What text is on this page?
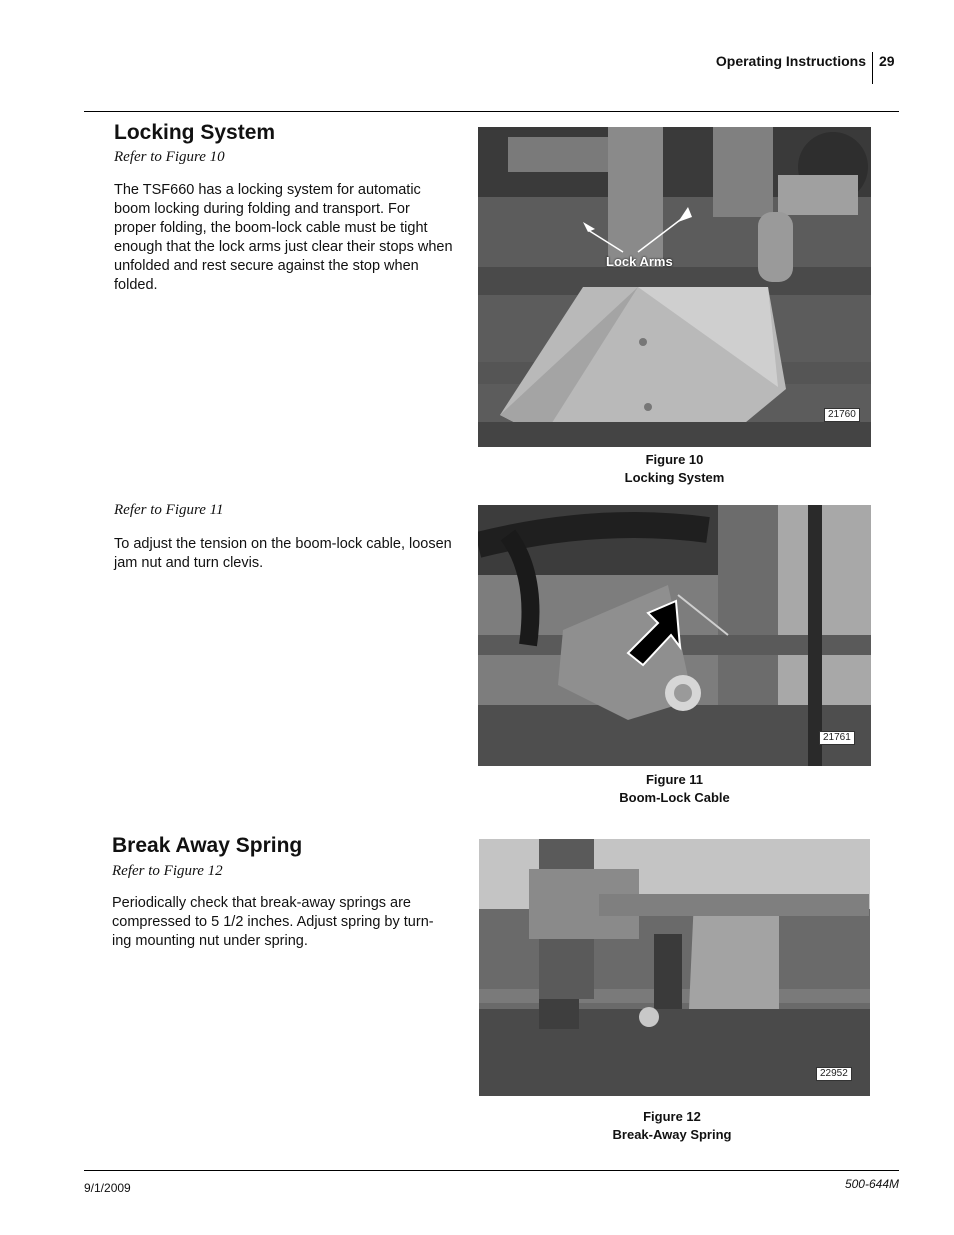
Operating Instructions 29
Locking System
Refer to Figure 10
The TSF660 has a locking system for automatic boom locking during folding and transport. For proper folding, the boom-lock cable must be tight enough that the lock arms just clear their stops when unfolded and rest secure against the stop when folded.
Refer to Figure 11
To adjust the tension on the boom-lock cable, loosen jam nut and turn clevis.
Break Away Spring
Refer to Figure 12
Periodically check that break-away springs are compressed to 5 1/2 inches. Adjust spring by turn-ing mounting nut under spring.
Lock Arms
21760
Figure 10
Locking System
21761
Figure 11
Boom-Lock Cable
22952
Figure 12
Break-Away Spring
9/1/2009	500-644M
